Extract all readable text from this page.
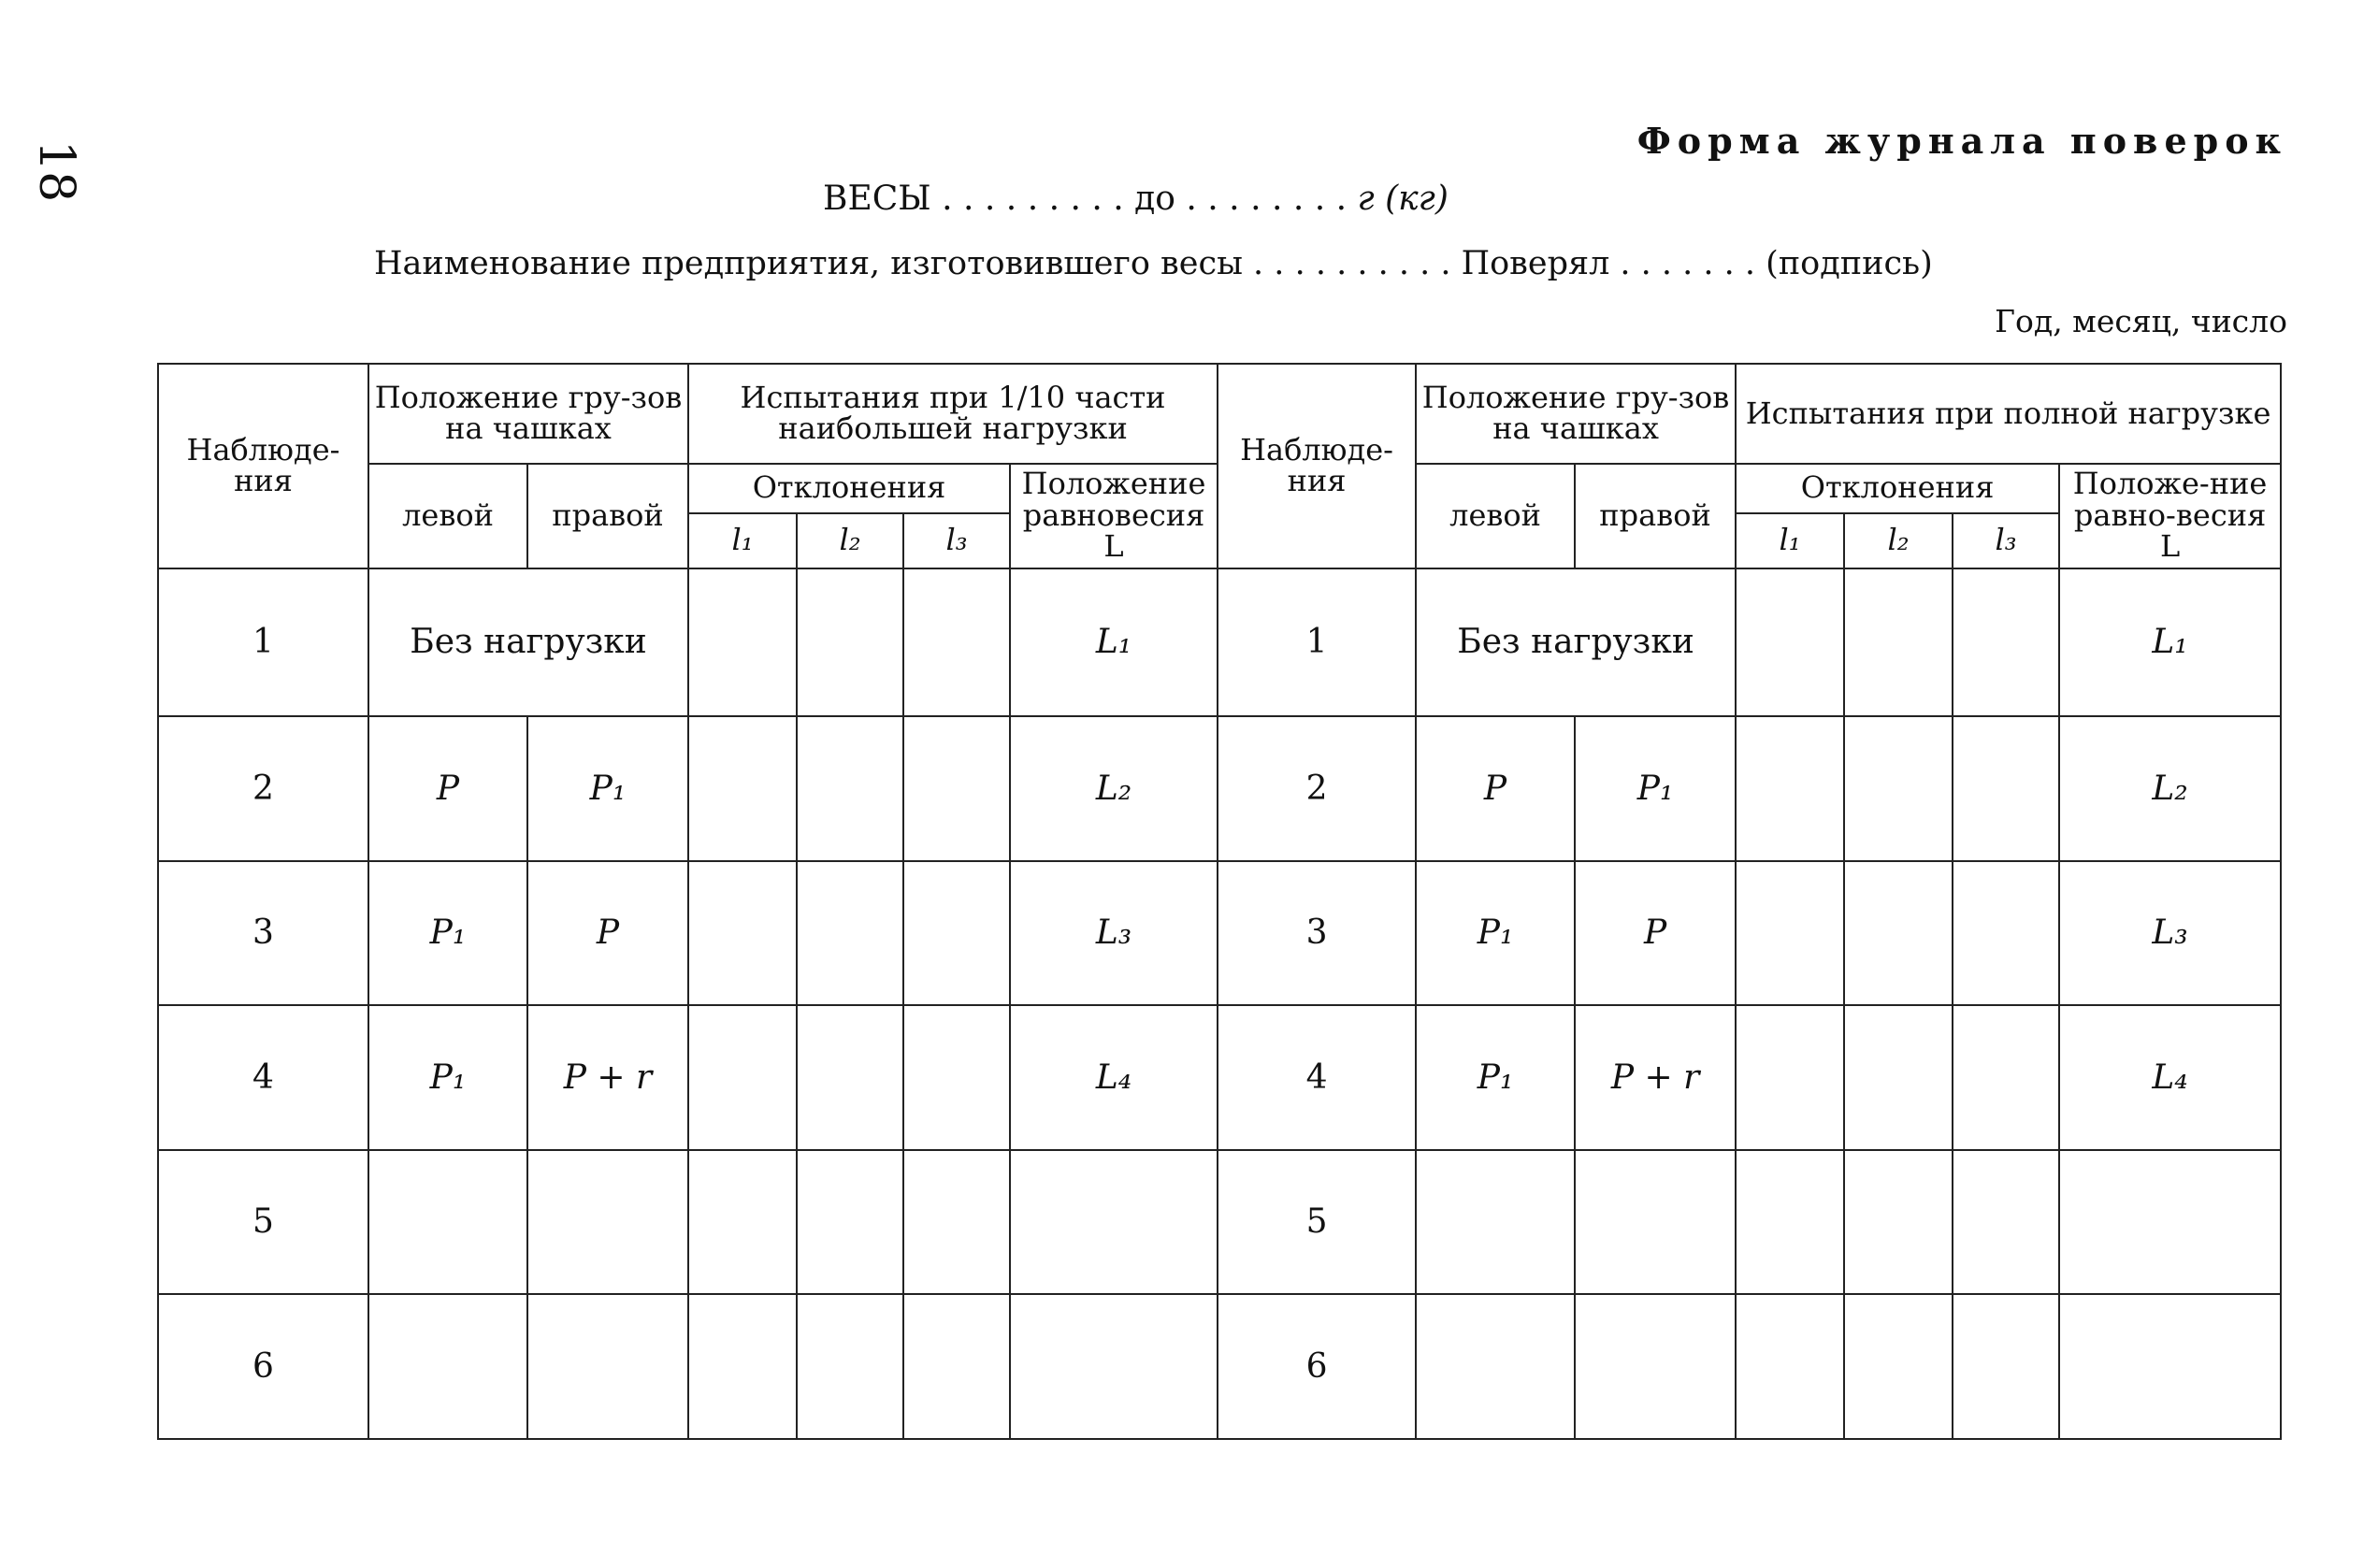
18	Форма журнала поверок
ВЕСЫ . . . . . . . . . до . . . . . . . . г (кг)
Наименование предприятия, изготовившего весы . . . . . . . . . . Поверял . . . . . . . (подпись)
Год, месяц, число
Наблюде-ния	Положение гру-зов на чашках		Испытания при 1/10 части наибольшей нагрузки				Наблюде-ния	Положение гру-зов на чашках		Испытания при полной нагрузке			
	левой	правой	Отклонения			Положение равновесия L		левой	правой	Отклонения			Положе-ние равно-весия L
			l₁	l₂	l₃					l₁	l₂	l₃	
1	Без нагрузки					L₁	1	Без нагрузки					L₁
2	P	P₁				L₂	2	P	P₁				L₂
3	P₁	P				L₃	3	P₁	P				L₃
4	P₁	P + r				L₄	4	P₁	P + r				L₄
5							5						
6							6						
